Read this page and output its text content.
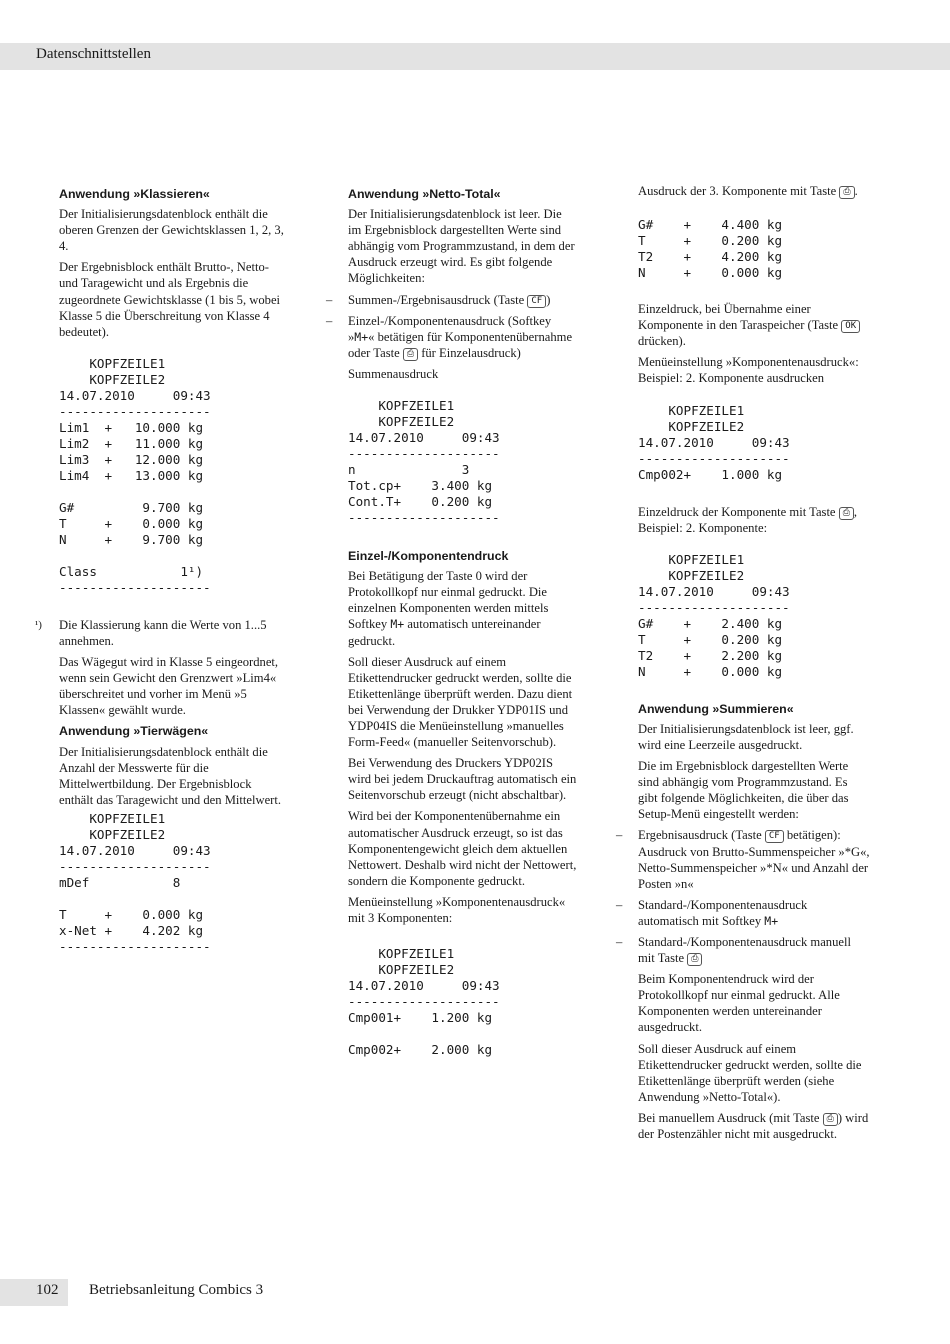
Datenschnittstellen

Anwendung »Klassieren«

Der Initialisierungsdatenblock enthält die oberen Grenzen der Gewichtsklassen 1, 2, 3, 4.

Der Ergebnisblock enthält Brutto-, Netto- und Taragewicht und als Ergebnis die zugeordnete Gewichtsklasse (1 bis 5, wobei Klasse 5 die Überschreitung von Klasse 4 bedeutet).

KOPFZEILE1
KOPFZEILE2
14.07.2010     09:43
--------------------
Lim1  +   10.000 kg
Lim2  +   11.000 kg
Lim3  +   12.000 kg
Lim4  +   13.000 kg

G#         9.700 kg
T     +    0.000 kg
N     +    9.700 kg

Class           1¹)
--------------------
¹) Die Klassierung kann die Werte von 1...5 annehmen.

Das Wägegut wird in Klasse 5 eingeordnet, wenn sein Gewicht den Grenzwert »Lim4« überschreitet und vorher im Menü »5 Klassen« gewählt wurde.

Anwendung »Tierwägen«

Der Initialisierungsdatenblock enthält die Anzahl der Messwerte für die Mittelwertbildung. Der Ergebnisblock enthält das Taragewicht und den Mittelwert.

KOPFZEILE1
KOPFZEILE2
14.07.2010     09:43
--------------------
mDef           8

T     +    0.000 kg
x-Net +    4.202 kg
--------------------

Anwendung »Netto-Total«

Der Initialisierungsdatenblock ist leer. Die im Ergebnisblock dargestellten Werte sind abhängig vom Programmzustand, in dem der Ausdruck erzeugt wird. Es gibt folgende Möglichkeiten:

– Summen-/Ergebnisausdruck (Taste CF )

– Einzel-/Komponentenausdruck (Softkey »M+« betätigen für Komponentenübernahme oder Taste ⎙ für Einzelausdruck)

Summenausdruck

KOPFZEILE1
KOPFZEILE2
14.07.2010     09:43
--------------------
n              3
Tot.cp+    3.400 kg
Cont.T+    0.200 kg
--------------------

Einzel-/Komponentendruck

Bei Betätigung der Taste 0 wird der Protokollkopf nur einmal gedruckt. Die einzelnen Komponenten werden mittels Softkey M+ automatisch untereinander gedruckt.

Soll dieser Ausdruck auf einem Etikettendrucker gedruckt werden, sollte die Etikettenlänge überprüft werden. Dazu dient bei Verwendung der Drukker YDP01IS und YDP04IS die Menüeinstellung »manuelles Form-Feed« (manueller Seitenvorschub).

Bei Verwendung des Druckers YDP02IS wird bei jedem Druckauftrag automatisch ein Seitenvorschub erzeugt (nicht abschaltbar).

Wird bei der Komponentenübernahme ein automatischer Ausdruck erzeugt, so ist das Komponentengewicht gleich dem aktuellen Nettowert. Deshalb wird nicht der Nettowert, sondern die Komponente gedruckt.

Menüeinstellung »Komponentenausdruck« mit 3 Komponenten:

KOPFZEILE1
KOPFZEILE2
14.07.2010     09:43
--------------------
Cmp001+    1.200 kg

Cmp002+    2.000 kg

Ausdruck der 3. Komponente mit Taste ⎙ .

G#    +    4.400 kg
T     +    0.200 kg
T2    +    4.200 kg
N     +    0.000 kg

Einzeldruck, bei Übernahme einer Komponente in den Taraspeicher (Taste OK drücken).

Menüeinstellung »Komponentenausdruck«:

Beispiel: 2. Komponente ausdrucken

KOPFZEILE1
KOPFZEILE2
14.07.2010     09:43
--------------------
Cmp002+    1.000 kg

Einzeldruck der Komponente mit Taste ⎙ , Beispiel: 2. Komponente:

KOPFZEILE1
KOPFZEILE2
14.07.2010     09:43
--------------------
G#    +    2.400 kg
T     +    0.200 kg
T2    +    2.200 kg
N     +    0.000 kg

Anwendung »Summieren«

Der Initialisierungsdatenblock ist leer, ggf. wird eine Leerzeile ausgedruckt.

Die im Ergebnisblock dargestellten Werte sind abhängig vom Programmzustand. Es gibt folgende Möglichkeiten, die über das Setup-Menü eingestellt werden:

– Ergebnisausdruck (Taste CF betätigen): Ausdruck von Brutto-Summenspeicher »*G«, Netto-Summenspeicher »*N« und Anzahl der Posten »n«

– Standard-/Komponentenausdruck automatisch mit Softkey M+

– Standard-/Komponentenausdruck manuell mit Taste ⎙

Beim Komponentendruck wird der Protokollkopf nur einmal gedruckt. Alle Komponenten werden untereinander ausgedruckt.

Soll dieser Ausdruck auf einem Etikettendrucker gedruckt werden, sollte die Etikettenlänge überprüft werden (siehe Anwendung »Netto-Total«).

Bei manuellem Ausdruck (mit Taste ⎙ ) wird der Postenzähler nicht mit ausgedruckt.

102 Betriebsanleitung Combics 3
